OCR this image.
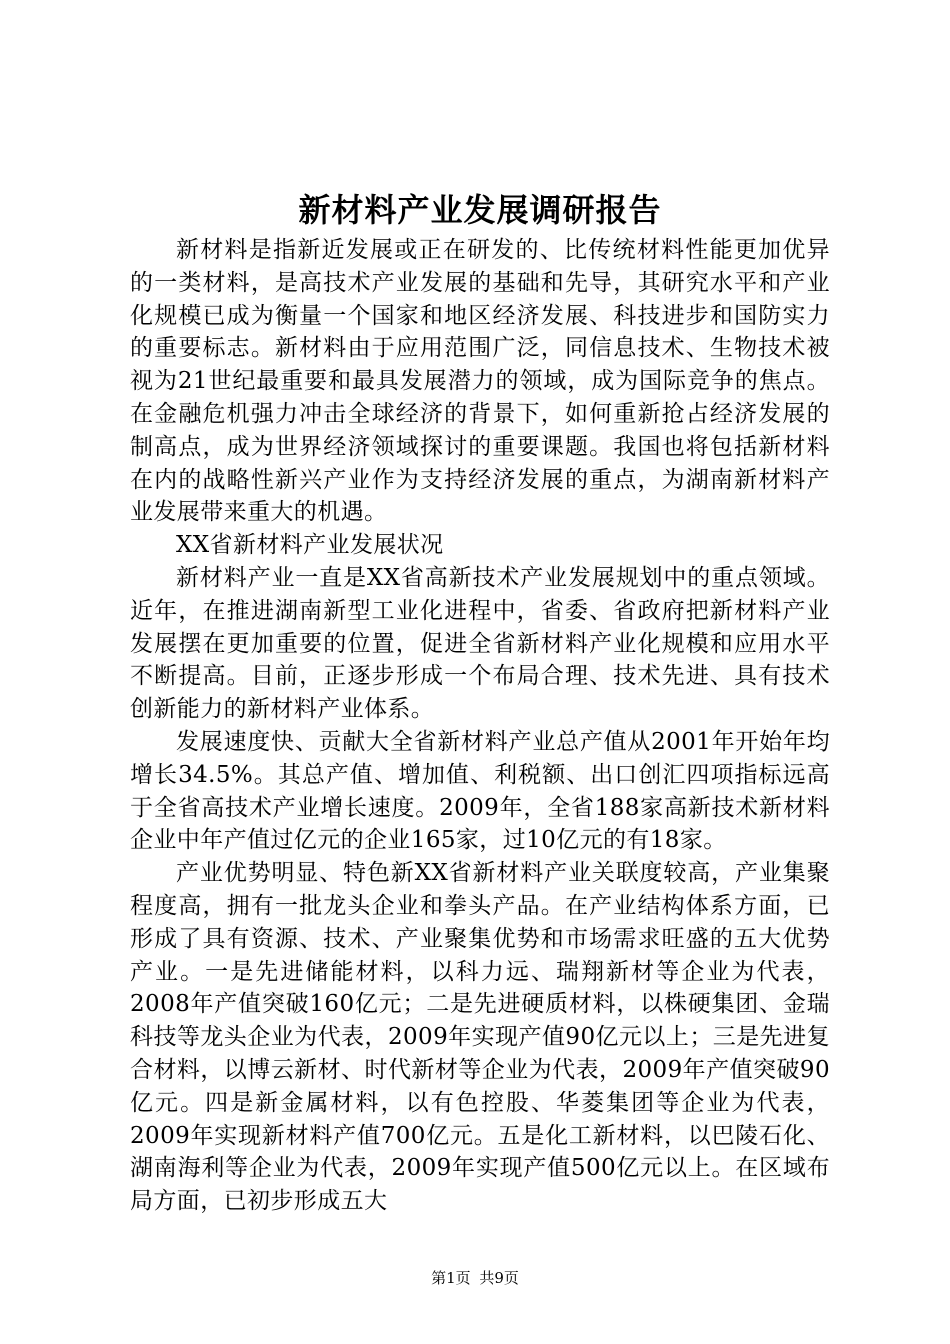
新材料产业发展调研报告

新材料是指新近发展或正在研发的、比传统材料性能更加优异的一类材料，是高技术产业发展的基础和先导，其研究水平和产业化规模已成为衡量一个国家和地区经济发展、科技进步和国防实力的重要标志。新材料由于应用范围广泛，同信息技术、生物技术被视为21世纪最重要和最具发展潜力的领域，成为国际竞争的焦点。在金融危机强力冲击全球经济的背景下，如何重新抢占经济发展的制高点，成为世界经济领域探讨的重要课题。我国也将包括新材料在内的战略性新兴产业作为支持经济发展的重点，为湖南新材料产业发展带来重大的机遇。

XX省新材料产业发展状况

新材料产业一直是XX省高新技术产业发展规划中的重点领域。近年，在推进湖南新型工业化进程中，省委、省政府把新材料产业发展摆在更加重要的位置，促进全省新材料产业化规模和应用水平不断提高。目前，正逐步形成一个布局合理、技术先进、具有技术创新能力的新材料产业体系。

发展速度快、贡献大全省新材料产业总产值从2001年开始年均增长34.5%。其总产值、增加值、利税额、出口创汇四项指标远高于全省高技术产业增长速度。2009年，全省188家高新技术新材料企业中年产值过亿元的企业165家，过10亿元的有18家。

产业优势明显、特色新XX省新材料产业关联度较高，产业集聚程度高，拥有一批龙头企业和拳头产品。在产业结构体系方面，已形成了具有资源、技术、产业聚集优势和市场需求旺盛的五大优势产业。一是先进储能材料，以科力远、瑞翔新材等企业为代表，2008年产值突破160亿元；二是先进硬质材料，以株硬集团、金瑞科技等龙头企业为代表，2009年实现产值90亿元以上；三是先进复合材料，以博云新材、时代新材等企业为代表，2009年产值突破90亿元。四是新金属材料，以有色控股、华菱集团等企业为代表，2009年实现新材料产值700亿元。五是化工新材料，以巴陵石化、湖南海利等企业为代表，2009年实现产值500亿元以上。在区域布局方面，已初步形成五大

第1页 共9页
